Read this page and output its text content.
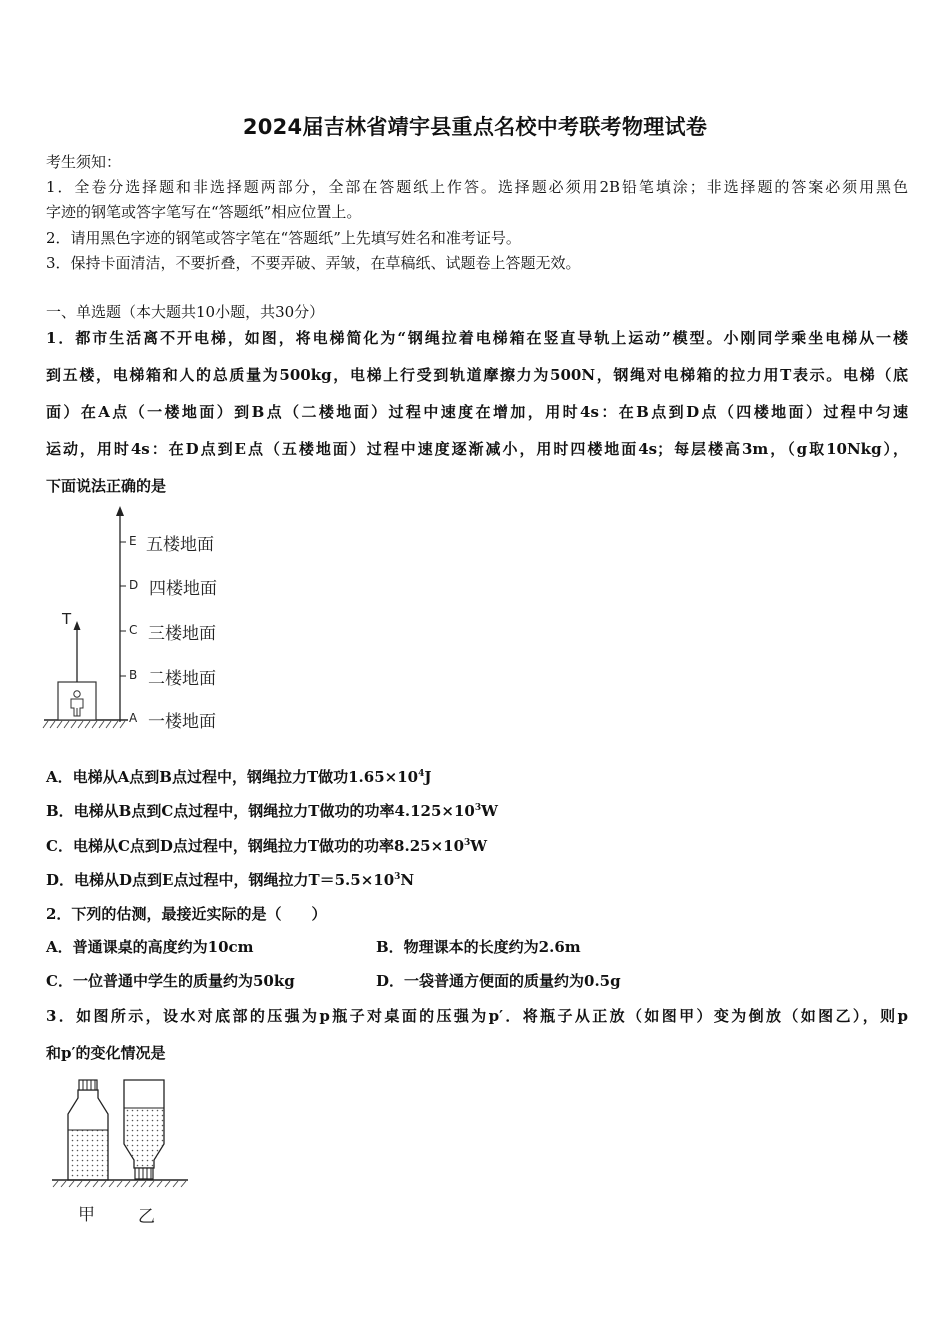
2024届吉林省靖宇县重点名校中考联考物理试卷
考生须知：
1．全卷分选择题和非选择题两部分，全部在答题纸上作答。选择题必须用2B铅笔填涂；非选择题的答案必须用黑色
字迹的钢笔或答字笔写在“答题纸”相应位置上。
2．请用黑色字迹的钢笔或答字笔在“答题纸”上先填写姓名和准考证号。
3．保持卡面清洁，不要折叠，不要弄破、弄皱，在草稿纸、试题卷上答题无效。
一、单选题（本大题共10小题，共30分）
1．都市生活离不开电梯，如图，将电梯简化为“钢绳拉着电梯箱在竖直导轨上运动”模型。小刚同学乘坐电梯从一楼
到五楼，电梯箱和人的总质量为500kg，电梯上行受到轨道摩擦力为500N，钢绳对电梯箱的拉力用T表示。电梯（底
面）在A点（一楼地面）到B点（二楼地面）过程中速度在增加，用时4s：在B点到D点（四楼地面）过程中匀速
运动，用时4s：在D点到E点（五楼地面）过程中速度逐渐减小，用时四楼地面4s；每层楼高3m，（g取10Nkg），
下面说法正确的是
T
E 五楼地面
D 四楼地面
C 三楼地面
B 二楼地面
A 一楼地面
A．电梯从A点到B点过程中，钢绳拉力T做功$1.65\times 10^4J$
B．电梯从B点到C点过程中，钢绳拉力T做功的功率$4.125\times 10^3W$
C．电梯从C点到D点过程中，钢绳拉力T做功的功率$8.25\times 10^3W$
D．电梯从D点到E点过程中，钢绳拉力$T=5.5\times 10^3N$
2．下列的估测，最接近实际的是（　　）
A．普通课桌的高度约为10cm	B．物理课本的长度约为2.6m
C．一位普通中学生的质量约为50kg	D．一袋普通方便面的质量约为0.5g
3．如图所示，设水对底部的压强为p瓶子对桌面的压强为p′．将瓶子从正放（如图甲）变为倒放（如图乙），则p
和p′的变化情况是
甲	乙
